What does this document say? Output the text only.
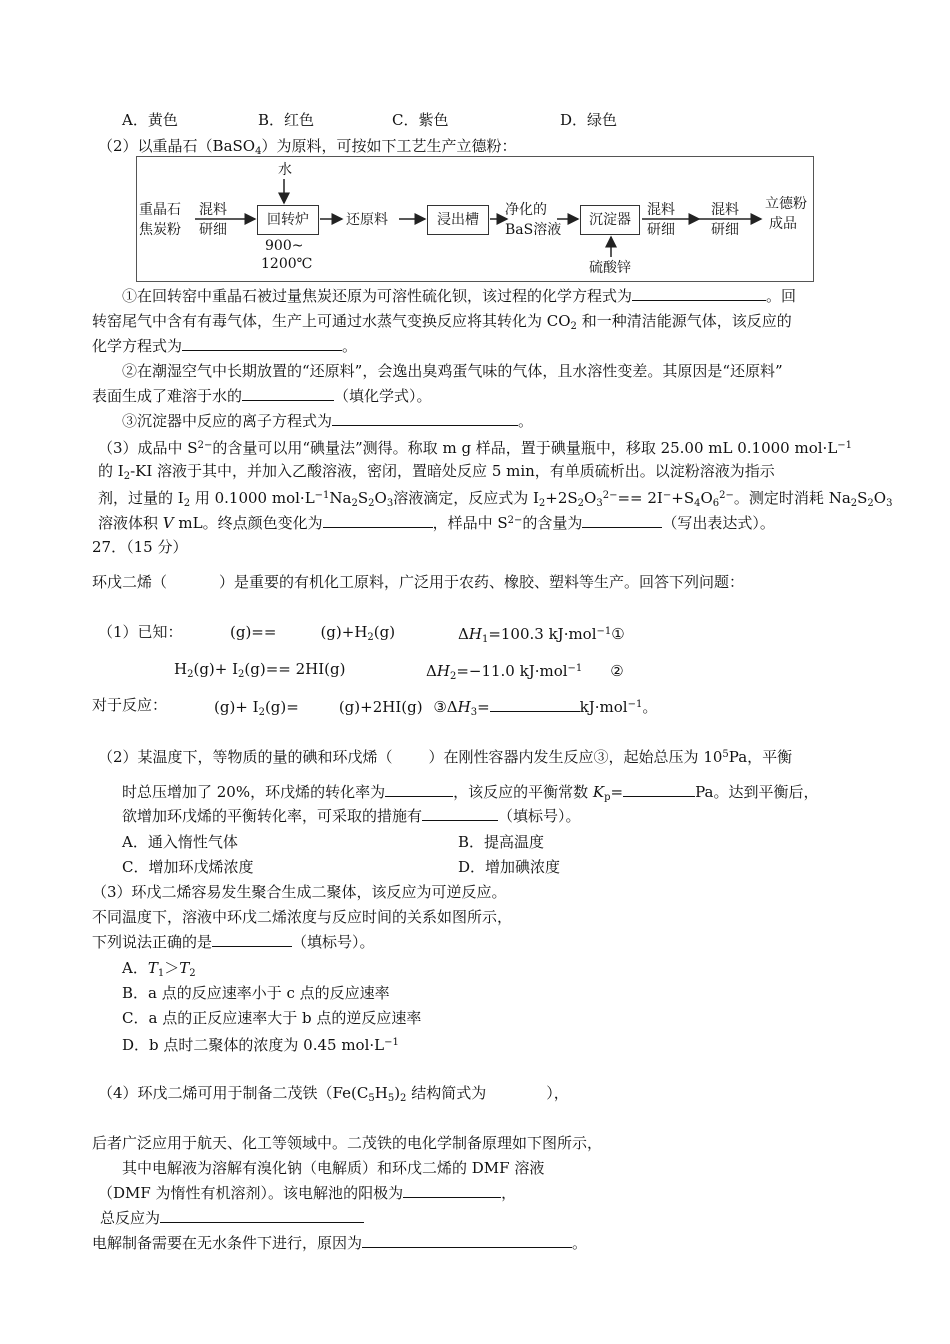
A．黄色	B．红色	C．紫色	D．绿色
（2）以重晶石（BaSO$_4$）为原料，可按如下工艺生产立德粉：
水
重晶石
焦炭粉
混料
研细
回转炉
900~
1200℃
还原料	浸出槽
净化的
BaS溶液
沉淀器
硫酸锌
混料
研细
混料
研细
立德粉
成品
①在回转窑中重晶石被过量焦炭还原为可溶性硫化钡，该过程的化学方程式为	。回
转窑尾气中含有有毒气体，生产上可通过水蒸气变换反应将其转化为 $CO_2$ 和一种清洁能源气体，该反应的
化学方程式为	。
②在潮湿空气中长期放置的“还原料”，会逸出臭鸡蛋气味的气体，且水溶性变差。其原因是“还原料”
表面生成了难溶于水的	（填化学式）。
③沉淀器中反应的离子方程式为	。
（3）成品中 $S^{2-}$的含量可以用“碘量法”测得。称取 m g 样品，置于碘量瓶中，移取 25.00 mL 0.1000 $mol\cdot L^{-1}$
的 $I_2-KI$ 溶液于其中，并加入乙酸溶液，密闭，置暗处反应 5 min，有单质硫析出。以淀粉溶液为指示
剂，过量的 $I_2$ 用 0.1000 $mol\cdot L^{-1}Na_2S_2O_3$溶液滴定，反应式为 $I_2+2S_2O_3^{2-}== 2I^-+S_4O_6^{2-}$。测定时消耗 $Na_2S_2O_3$
溶液体积 V mL。终点颜色变化为	，样品中 $S^{2-}$的含量为	（写出表达式）。
27．（15 分）
环戊二烯（	）是重要的有机化工原料，广泛用于农药、橡胶、塑料等生产。回答下列问题：
（1）已知：	(g)==	$(g)+H_2(g)$	$\Delta H_1=100.3$ kJ·mol$^{-1}$①
$H_2(g)+ I_2(g)== 2HI(g)$	$\Delta H_2=-11.0$ kJ·mol$^{-1}$ ②
对于反应：	$(g)+ I_2(g)=$	(g)+2HI(g) $③\Delta H_3=$	kJ·mol$^{-1}$。
（2）某温度下，等物质的量的碘和环戊烯（ ）在刚性容器内发生反应③，起始总压为 $10^5Pa$，平衡
时总压增加了 20%，环戊烯的转化率为	，该反应的平衡常数 $K_p=$	Pa。达到平衡后，
欲增加环戊烯的平衡转化率，可采取的措施有	（填标号）。
A．通入惰性气体	B．提高温度
C．增加环戊烯浓度	D．增加碘浓度
（3）环戊二烯容易发生聚合生成二聚体，该反应为可逆反应。
不同温度下，溶液中环戊二烯浓度与反应时间的关系如图所示，
下列说法正确的是	（填标号）。
A．$T_1>T_2$
B．a 点的反应速率小于 c 点的反应速率
C．a 点的正反应速率大于 b 点的逆反应速率
D．b 点时二聚体的浓度为 0.45 $mol\cdot L^{-1}$
（4）环戊二烯可用于制备二茂铁（$Fe(C_5H_5)_2$ 结构简式为	），
后者广泛应用于航天、化工等领域中。二茂铁的电化学制备原理如下图所示，
其中电解液为溶解有溴化钠（电解质）和环戊二烯的 DMF 溶液
（DMF 为惰性有机溶剂）。该电解池的阳极为	，
总反应为
电解制备需要在无水条件下进行，原因为	。
